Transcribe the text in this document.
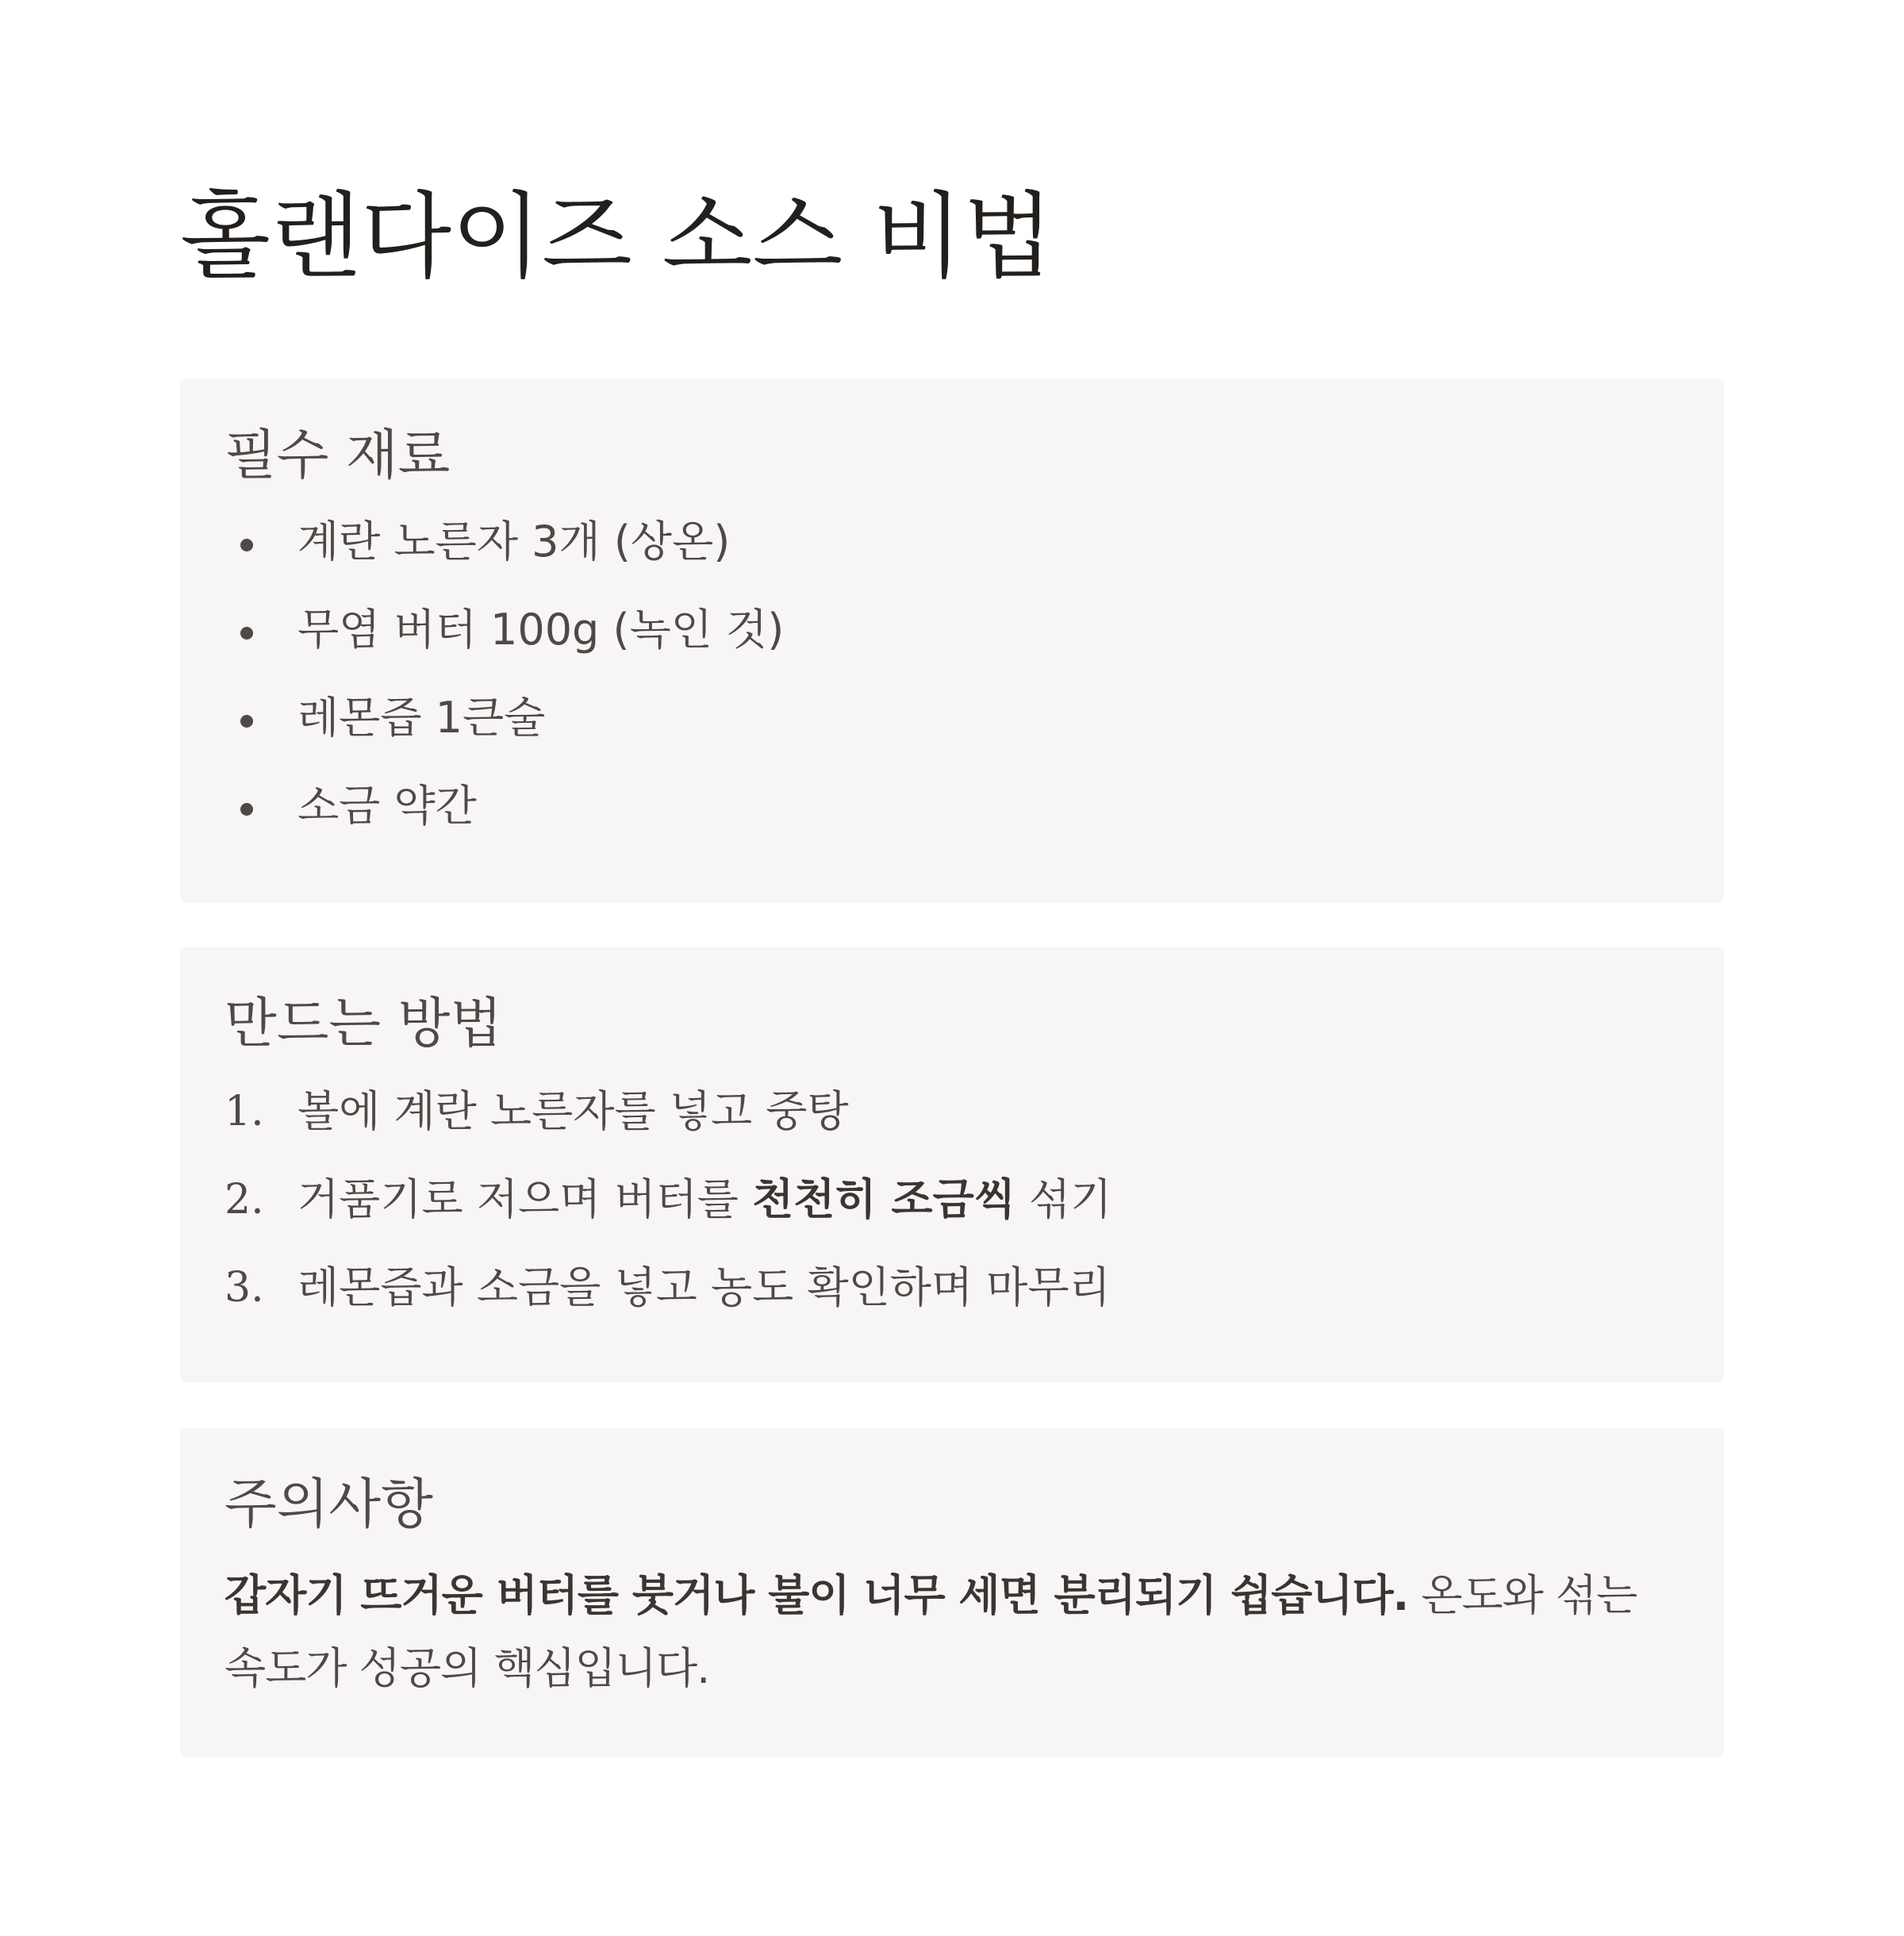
홀랜다이즈 소스 비법
필수 재료
계란 노른자 3개 (상온)
무염 버터 100g (녹인 것)
레몬즙 1큰술
소금 약간
만드는 방법
1. 볼에 계란 노른자를 넣고 중탕
2. 거품기로 저으며 버터를 천천히 조금씩 섞기
3. 레몬즙과 소금을 넣고 농도 확인하며 마무리
주의사항

갑자기 뜨거운 버터를 붓거나 불이 너무 세면 분리되기 쉽습니다. 온도와 섞는 속도가 성공의 핵심입니다.
